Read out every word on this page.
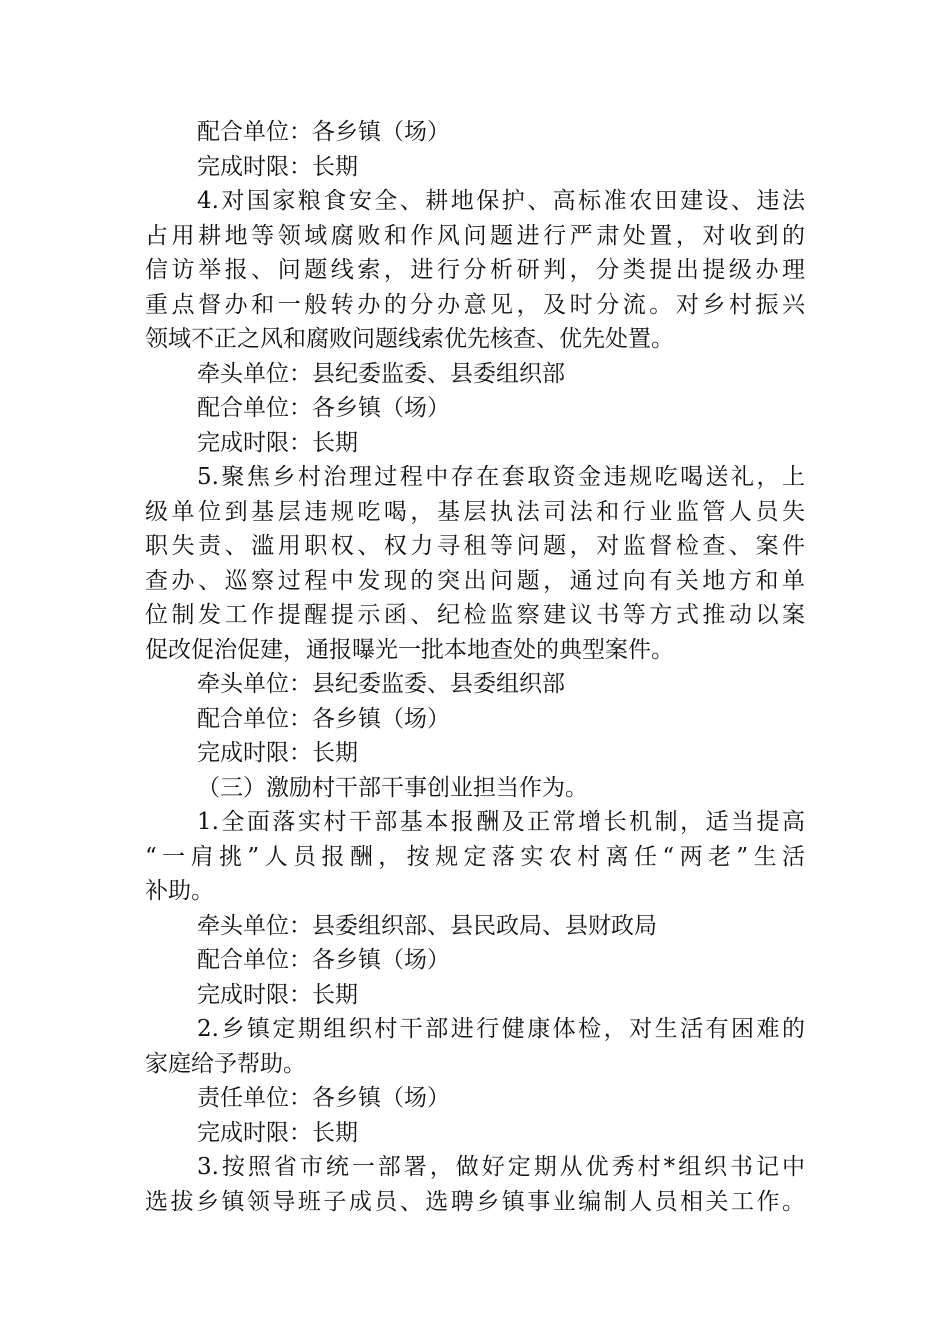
配合单位：各乡镇（场）
完成时限：长期
4.对国家粮食安全、耕地保护、高标准农田建设、违法
占用耕地等领域腐败和作风问题进行严肃处置，对收到的
信访举报、问题线索，进行分析研判，分类提出提级办理
重点督办和一般转办的分办意见，及时分流。对乡村振兴
领域不正之风和腐败问题线索优先核查、优先处置。
牵头单位：县纪委监委、县委组织部
配合单位：各乡镇（场）
完成时限：长期
5.聚焦乡村治理过程中存在套取资金违规吃喝送礼，上
级单位到基层违规吃喝，基层执法司法和行业监管人员失
职失责、滥用职权、权力寻租等问题，对监督检查、案件
查办、巡察过程中发现的突出问题，通过向有关地方和单
位制发工作提醒提示函、纪检监察建议书等方式推动以案
促改促治促建，通报曝光一批本地查处的典型案件。
牵头单位：县纪委监委、县委组织部
配合单位：各乡镇（场）
完成时限：长期
（三）激励村干部干事创业担当作为。
1.全面落实村干部基本报酬及正常增长机制，适当提高
“一肩挑”人员报酬，按规定落实农村离任“两老”生活
补助。
牵头单位：县委组织部、县民政局、县财政局
配合单位：各乡镇（场）
完成时限：长期
2.乡镇定期组织村干部进行健康体检，对生活有困难的
家庭给予帮助。
责任单位：各乡镇（场）
完成时限：长期
3.按照省市统一部署，做好定期从优秀村*组织书记中
选拔乡镇领导班子成员、选聘乡镇事业编制人员相关工作。
